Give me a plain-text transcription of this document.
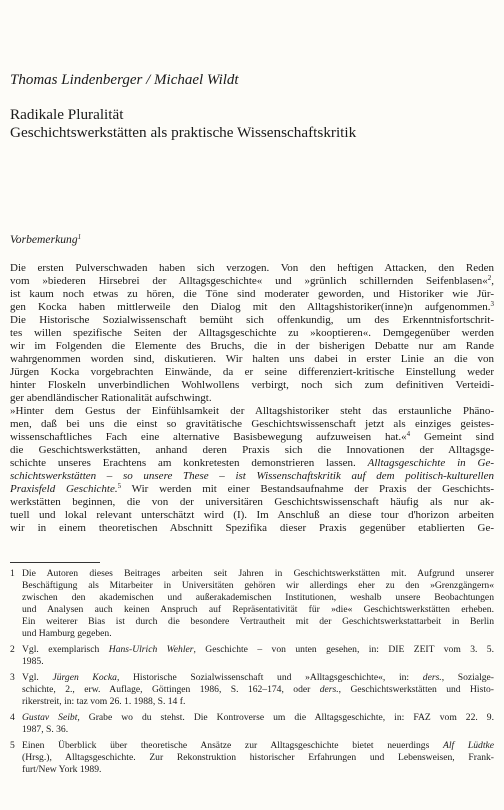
Thomas Lindenberger / Michael Wildt
Radikale Pluralität
Geschichtswerkstätten als praktische Wissenschaftskritik
Vorbemerkung$^1$
Die ersten Pulverschwaden haben sich verzogen. Von den heftigen Attacken, den Reden
vom »biederen Hirsebrei der Alltagsgeschichte« und »grünlich schillernden Seifenblasen«$^2$,
ist kaum noch etwas zu hören, die Töne sind moderater geworden, und Historiker wie Jür-
gen Kocka haben mittlerweile den Dialog mit den Alltagshistoriker(inne)n aufgenommen.$^3$
Die Historische Sozialwissenschaft bemüht sich offenkundig, um des Erkenntnisfortschrit-
tes willen spezifische Seiten der Alltagsgeschichte zu »kooptieren«. Demgegenüber werden
wir im Folgenden die Elemente des Bruchs, die in der bisherigen Debatte nur am Rande
wahrgenommen worden sind, diskutieren. Wir halten uns dabei in erster Linie an die von
Jürgen Kocka vorgebrachten Einwände, da er seine differenziert-kritische Einstellung weder
hinter Floskeln unverbindlichen Wohlwollens verbirgt, noch sich zum definitiven Verteidi-
ger abendländischer Rationalität aufschwingt.
»Hinter dem Gestus der Einfühlsamkeit der Alltagshistoriker steht das erstaunliche Phäno-
men, daß bei uns die einst so gravitätische Geschichtswissenschaft jetzt als einziges geistes-
wissenschaftliches Fach eine alternative Basisbewegung aufzuweisen hat.«$^4$ Gemeint sind
die Geschichtswerkstätten, anhand deren Praxis sich die Innovationen der Alltagsge-
schichte unseres Erachtens am konkretesten demonstrieren lassen. Alltagsgeschichte in Ge-
schichtswerkstätten – so unsere These – ist Wissenschaftskritik auf dem politisch-kulturellen
Praxisfeld Geschichte.$^5$ Wir werden mit einer Bestandsaufnahme der Praxis der Geschichts-
werkstätten beginnen, die von der universitären Geschichtswissenschaft häufig als nur ak-
tuell und lokal relevant unterschätzt wird (I). Im Anschluß an diese tour d'horizon arbeiten
wir in einem theoretischen Abschnitt Spezifika dieser Praxis gegenüber etablierten Ge-
1 Die Autoren dieses Beitrages arbeiten seit Jahren in Geschichtswerkstätten mit. Aufgrund unserer
Beschäftigung als Mitarbeiter in Universitäten gehören wir allerdings eher zu den »Grenzgängern«
zwischen den akademischen und außerakademischen Institutionen, weshalb unsere Beobachtungen
und Analysen auch keinen Anspruch auf Repräsentativität für »die« Geschichtswerkstätten erheben.
Ein weiterer Bias ist durch die besondere Vertrautheit mit der Geschichtswerkstattarbeit in Berlin
und Hamburg gegeben.
2 Vgl. exemplarisch Hans-Ulrich Wehler, Geschichte – von unten gesehen, in: DIE ZEIT vom 3. 5.
1985.
3 Vgl. Jürgen Kocka, Historische Sozialwissenschaft und »Alltagsgeschichte«, in: ders., Sozialge-
schichte, 2., erw. Auflage, Göttingen 1986, S. 162–174, oder ders., Geschichtswerkstätten und Histo-
rikerstreit, in: taz vom 26. 1. 1988, S. 14 f.
4 Gustav Seibt, Grabe wo du stehst. Die Kontroverse um die Alltagsgeschichte, in: FAZ vom 22. 9.
1987, S. 36.
5 Einen Überblick über theoretische Ansätze zur Alltagsgeschichte bietet neuerdings Alf Lüdtke
(Hrsg.), Alltagsgeschichte. Zur Rekonstruktion historischer Erfahrungen und Lebensweisen, Frank-
furt/New York 1989.
